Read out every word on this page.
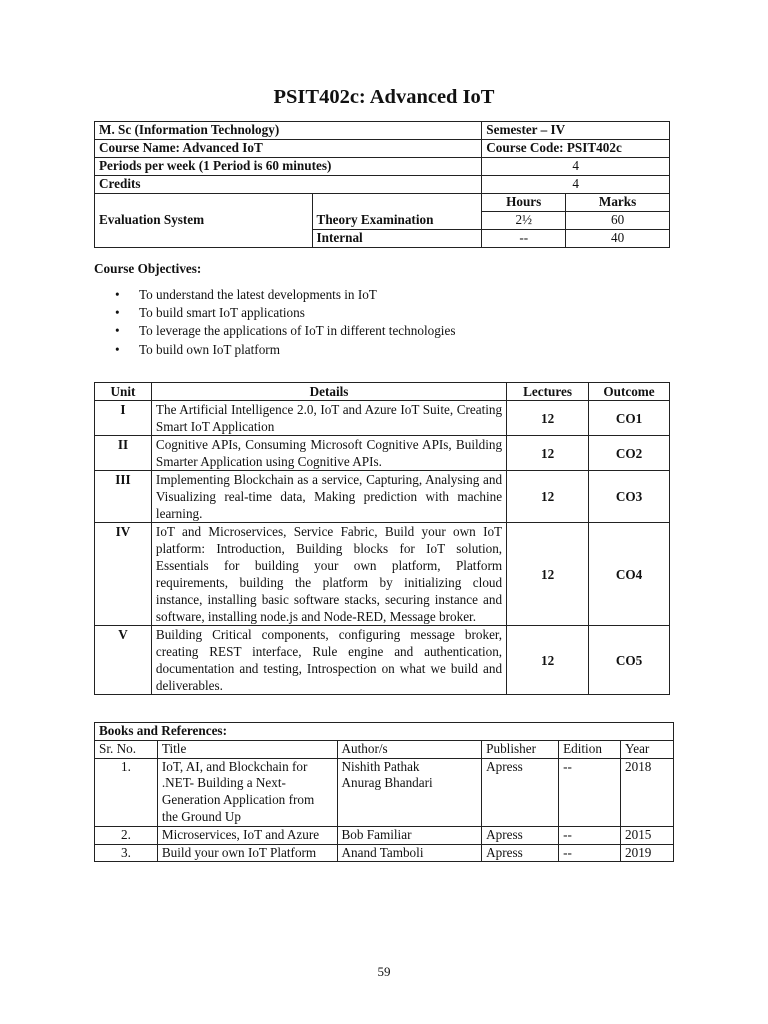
PSIT402c: Advanced IoT
M. Sc (Information Technology)		Semester – IV	
Course Name: Advanced IoT		Course Code: PSIT402c	
Periods per week (1 Period is 60 minutes)		4	
Credits		4	
Evaluation System		Hours	Marks
	Theory Examination	2½	60
	Internal	--	40
Course Objectives:
• To understand the latest developments in IoT
• To build smart IoT applications
• To leverage the applications of IoT in different technologies
• To build own IoT platform
Unit	Details	Lectures	Outcome
I	The Artificial Intelligence 2.0, IoT and Azure IoT Suite, Creating Smart IoT Application	12	CO1
II	Cognitive APIs, Consuming Microsoft Cognitive APIs, Building Smarter Application using Cognitive APIs.	12	CO2
III	Implementing Blockchain as a service, Capturing, Analysing and Visualizing real-time data, Making prediction with machine learning.	12	CO3
IV	IoT and Microservices, Service Fabric, Build your own IoT platform: Introduction, Building blocks for IoT solution, Essentials for building your own platform, Platform requirements, building the platform by initializing cloud instance, installing basic software stacks, securing instance and software, installing node.js and Node-RED, Message broker.	12	CO4
V	Building Critical components, configuring message broker, creating REST interface, Rule engine and authentication, documentation and testing, Introspection on what we build and deliverables.	12	CO5
Books and References:					
Sr. No.	Title	Author/s	Publisher	Edition	Year
1.	IoT, AI, and Blockchain for .NET- Building a Next-Generation Application from the Ground Up	Nishith Pathak
Anurag Bhandari	Apress	--	2018
2.	Microservices, IoT and Azure	Bob Familiar	Apress	--	2015
3.	Build your own IoT Platform	Anand Tamboli	Apress	--	2019
59
